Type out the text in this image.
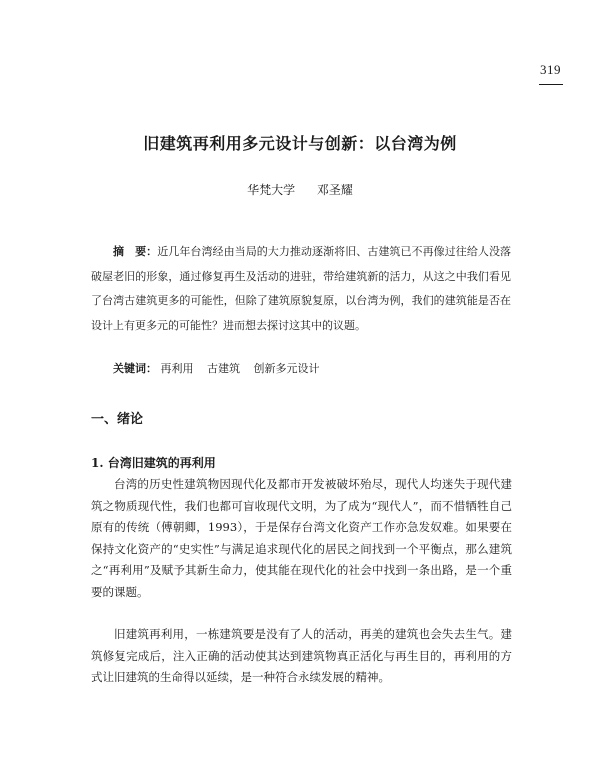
319
旧建筑再利用多元设计与创新：以台湾为例
华梵大学 邓圣耀

摘　要：近几年台湾经由当局的大力推动逐渐将旧、古建筑已不再像过往给人没落破屋老旧的形象，通过修复再生及活动的进驻，带给建筑新的活力，从这之中我们看见了台湾古建筑更多的可能性，但除了建筑原貌复原，以台湾为例，我们的建筑能是否在设计上有更多元的可能性？进而想去探讨这其中的议题。

关键词： 再利用 古建筑 创新多元设计
一、绪论
1. 台湾旧建筑的再利用

台湾的历史性建筑物因现代化及都市开发被破坏殆尽，现代人均迷失于现代建筑之物质现代性，我们也都可盲收现代文明，为了成为“现代人”，而不惜牺牲自己原有的传统（傅朝卿，1993），于是保存台湾文化资产工作亦急发奴难。如果要在保持文化资产的“史实性”与满足追求现代化的居民之间找到一个平衡点，那么建筑之“再利用”及赋予其新生命力，使其能在现代化的社会中找到一条出路，是一个重要的课题。

旧建筑再利用，一栋建筑要是没有了人的活动，再美的建筑也会失去生气。建筑修复完成后，注入正确的活动使其达到建筑物真正活化与再生目的，再利用的方式让旧建筑的生命得以延续，是一种符合永续发展的精神。
